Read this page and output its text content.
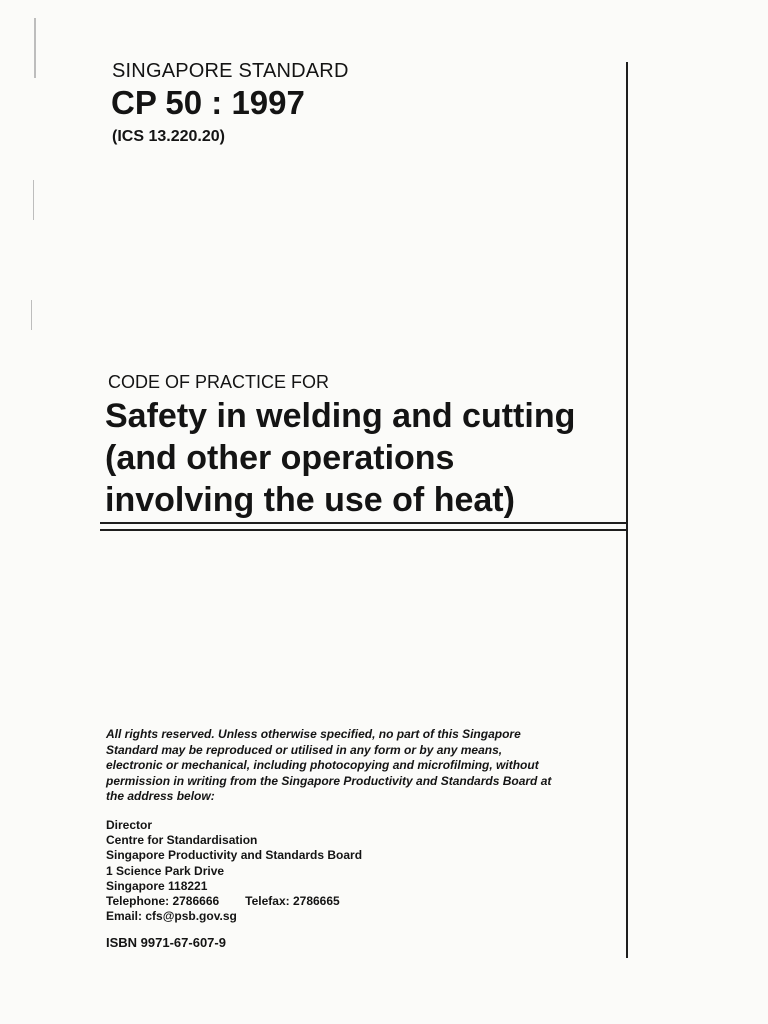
SINGAPORE STANDARD
CP 50 : 1997
(ICS 13.220.20)
CODE OF PRACTICE FOR
Safety in welding and cutting
(and other operations
involving the use of heat)
All rights reserved. Unless otherwise specified, no part of this Singapore
Standard may be reproduced or utilised in any form or by any means,
electronic or mechanical, including photocopying and microfilming, without
permission in writing from the Singapore Productivity and Standards Board at
the address below:
Director
Centre for Standardisation
Singapore Productivity and Standards Board
1 Science Park Drive
Singapore 118221
Telephone: 2786666 Telefax: 2786665
Email: cfs@psb.gov.sg
ISBN 9971-67-607-9
